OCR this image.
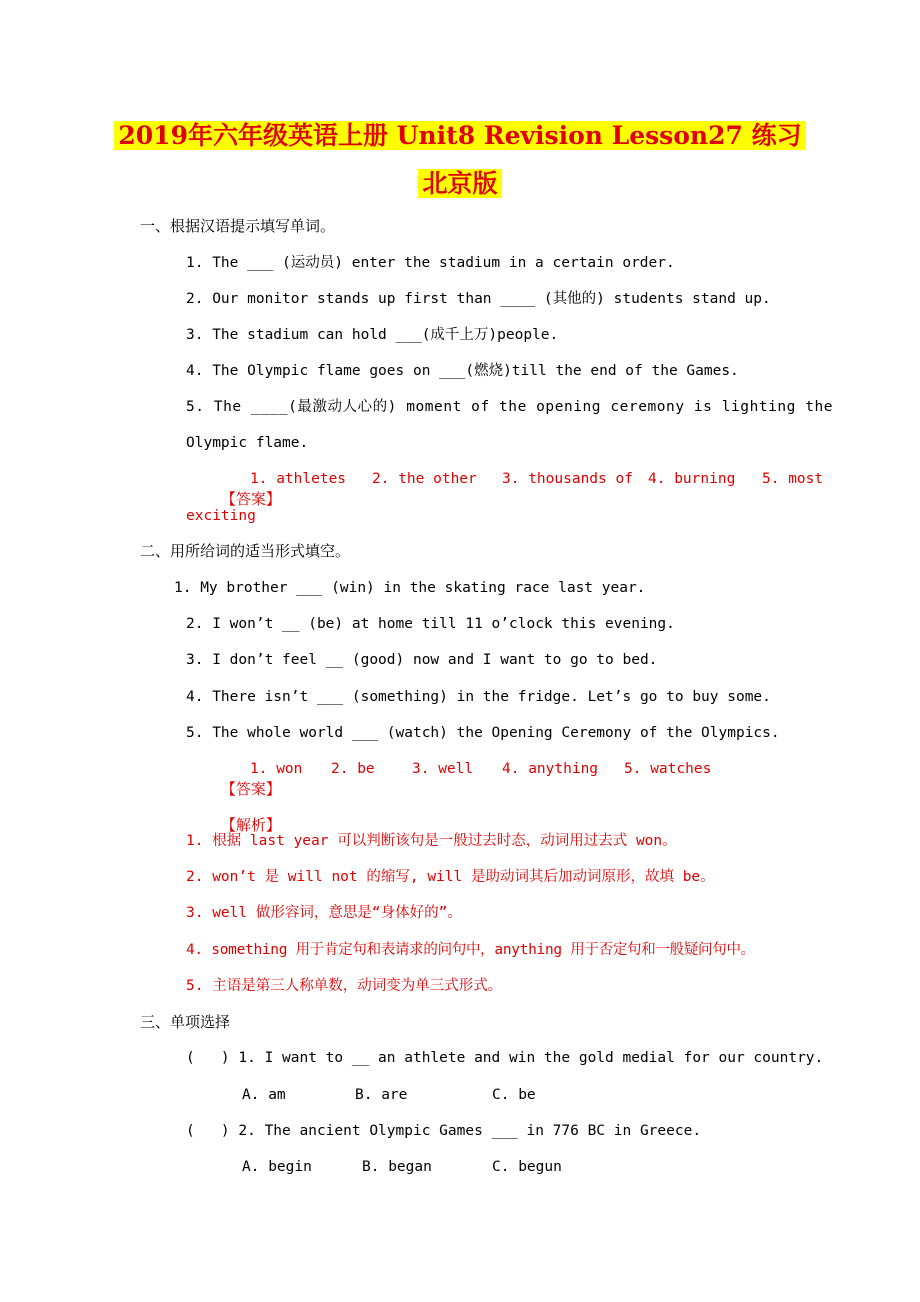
2019年六年级英语上册 Unit8 Revision Lesson27 练习
北京版
一、根据汉语提示填写单词。
1. The ___ (运动员) enter the stadium in a certain order.
2. Our monitor stands up first than ____ (其他的) students stand up.
3. The stadium can hold ___(成千上万)people.
4. The Olympic flame goes on ___(燃烧)till the end of the Games.
5. The ____(最激动人心的) moment of the opening ceremony is lighting the
Olympic flame.

【答案】

1. athletes 2. the other 3. thousands of 4. burning 5. most
exciting
二、用所给词的适当形式填空。
1. My brother ___ (win) in the skating race last year.
2. I won’t __ (be) at home till 11 o’clock this evening.
3. I don’t feel __ (good) now and I want to go to bed.
4. There isn’t ___ (something) in the fridge. Let’s go to buy some.
5. The whole world ___ (watch) the Opening Ceremony of the Olympics.

【答案】

1. won 2. be	3. well 4. anything 5. watches

【解析】

1. 根据 last year 可以判断该句是一般过去时态，动词用过去式 won。
2. won’t 是 will not 的缩写, will 是助动词其后加动词原形，故填 be。
3. well 做形容词，意思是“身体好的”。
4. something 用于肯定句和表请求的问句中，anything 用于否定句和一般疑问句中。
5. 主语是第三人称单数，动词变为单三式形式。
三、单项选择
(   ) 1. I want to __ an athlete and win the gold medial for our country.
A. am	B. are	C. be
(   ) 2. The ancient Olympic Games ___ in 776 BC in Greece.
A. begin	B. began	C. begun
